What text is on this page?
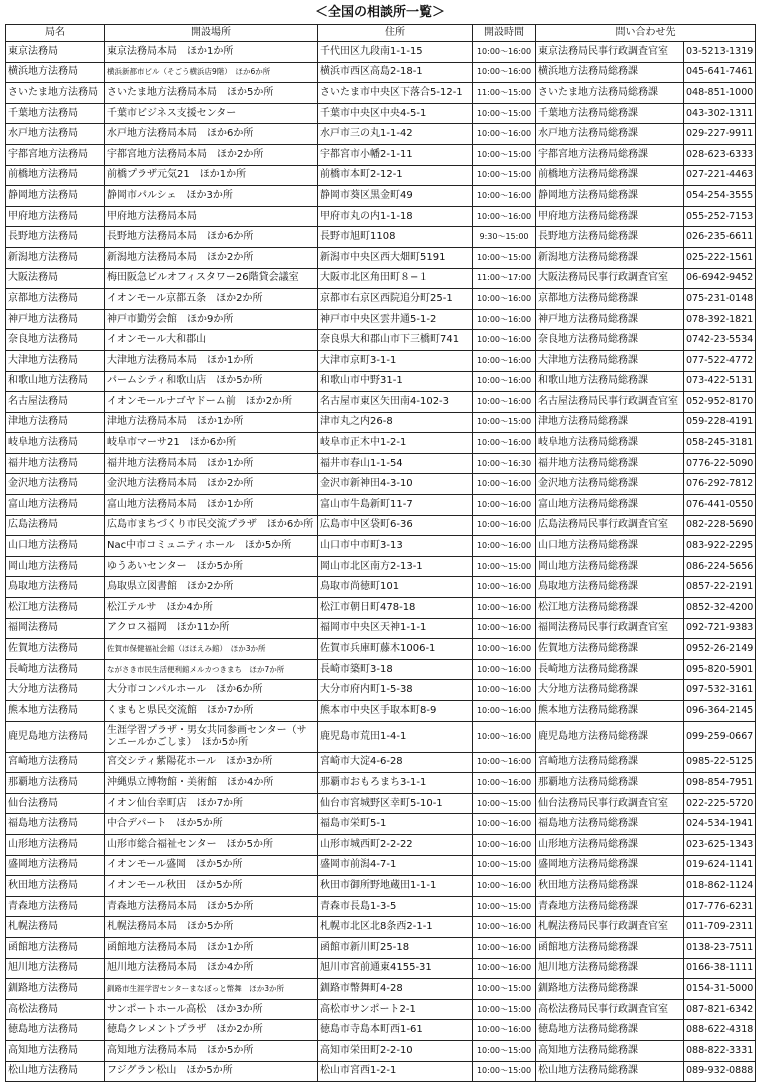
＜全国の相談所一覧＞
局名	開設場所	住所	開設時間	問い合わせ先	
東京法務局	東京法務局本局　ほか1か所	千代田区九段南1-1-15	10:00～16:00	東京法務局民事行政調査官室	03-5213-1319
横浜地方法務局	横浜新都市ビル（そごう横浜店9階）　ほか6か所	横浜市西区高島2-18-1	10:00～16:00	横浜地方法務局総務課	045-641-7461
さいたま地方法務局	さいたま地方法務局本局　ほか5か所	さいたま市中央区下落合5-12-1	11:00～15:00	さいたま地方法務局総務課	048-851-1000
千葉地方法務局	千葉市ビジネス支援センター	千葉市中央区中央4-5-1	10:00～15:00	千葉地方法務局総務課	043-302-1311
水戸地方法務局	水戸地方法務局本局　ほか6か所	水戸市三の丸1-1-42	10:00～16:00	水戸地方法務局総務課	029-227-9911
宇都宮地方法務局	宇都宮地方法務局本局　ほか2か所	宇都宮市小幡2-1-11	10:00～15:00	宇都宮地方法務局総務課	028-623-6333
前橋地方法務局	前橋プラザ元気21　ほか1か所	前橋市本町2-12-1	10:00～15:00	前橋地方法務局総務課	027-221-4463
静岡地方法務局	静岡市パルシェ　ほか3か所	静岡市葵区黒金町49	10:00～16:00	静岡地方法務局総務課	054-254-3555
甲府地方法務局	甲府地方法務局本局	甲府市丸の内1-1-18	10:00～16:00	甲府地方法務局総務課	055-252-7153
長野地方法務局	長野地方法務局本局　ほか6か所	長野市旭町1108	9:30～15:00	長野地方法務局総務課	026-235-6611
新潟地方法務局	新潟地方法務局本局　ほか2か所	新潟市中央区西大畑町5191	10:00～15:00	新潟地方法務局総務課	025-222-1561
大阪法務局	梅田阪急ビルオフィスタワー26階貸会議室	大阪市北区角田町８−１	11:00～17:00	大阪法務局民事行政調査官室	06-6942-9452
京都地方法務局	イオンモール京都五条　ほか2か所	京都市右京区西院追分町25-1	10:00～16:00	京都地方法務局総務課	075-231-0148
神戸地方法務局	神戸市勤労会館　ほか9か所	神戸市中央区雲井通5-1-2	10:00～16:00	神戸地方法務局総務課	078-392-1821
奈良地方法務局	イオンモール大和郡山	奈良県大和郡山市下三橋町741	10:00～16:00	奈良地方法務局総務課	0742-23-5534
大津地方法務局	大津地方法務局本局　ほか1か所	大津市京町3-1-1	10:00～16:00	大津地方法務局総務課	077-522-4772
和歌山地方法務局	パームシティ和歌山店　ほか5か所	和歌山市中野31-1	10:00～16:00	和歌山地方法務局総務課	073-422-5131
名古屋法務局	イオンモールナゴヤドーム前　ほか2か所	名古屋市東区矢田南4-102-3	10:00～16:00	名古屋法務局民事行政調査官室	052-952-8170
津地方法務局	津地方法務局本局　ほか1か所	津市丸之内26-8	10:00～15:00	津地方法務局総務課	059-228-4191
岐阜地方法務局	岐阜市マーサ21　ほか6か所	岐阜市正木中1-2-1	10:00～16:00	岐阜地方法務局総務課	058-245-3181
福井地方法務局	福井地方法務局本局　ほか1か所	福井市春山1-1-54	10:00～16:30	福井地方法務局総務課	0776-22-5090
金沢地方法務局	金沢地方法務局本局　ほか2か所	金沢市新神田4-3-10	10:00～16:00	金沢地方法務局総務課	076-292-7812
富山地方法務局	富山地方法務局本局　ほか1か所	富山市牛島新町11-7	10:00～16:00	富山地方法務局総務課	076-441-0550
広島法務局	広島市まちづくり市民交流プラザ　ほか6か所	広島市中区袋町6-36	10:00～16:00	広島法務局民事行政調査官室	082-228-5690
山口地方法務局	Nac中市コミュニティホール　ほか5か所	山口市中市町3-13	10:00～16:00	山口地方法務局総務課	083-922-2295
岡山地方法務局	ゆうあいセンター　ほか5か所	岡山市北区南方2-13-1	10:00～15:00	岡山地方法務局総務課	086-224-5656
鳥取地方法務局	鳥取県立図書館　ほか2か所	鳥取市尚徳町101	10:00～16:00	鳥取地方法務局総務課	0857-22-2191
松江地方法務局	松江テルサ　ほか4か所	松江市朝日町478-18	10:00～16:00	松江地方法務局総務課	0852-32-4200
福岡法務局	アクロス福岡　ほか11か所	福岡市中央区天神1-1-1	10:00～16:00	福岡法務局民事行政調査官室	092-721-9383
佐賀地方法務局	佐賀市保健福祉会館（ほほえみ館）　ほか3か所	佐賀市兵庫町藤木1006-1	10:00～16:00	佐賀地方法務局総務課	0952-26-2149
長崎地方法務局	ながさき市民生活便利館メルカつきまち　ほか7か所	長崎市築町3-18	10:00～16:00	長崎地方法務局総務課	095-820-5901
大分地方法務局	大分市コンパルホール　ほか6か所	大分市府内町1-5-38	10:00～16:00	大分地方法務局総務課	097-532-3161
熊本地方法務局	くまもと県民交流館　ほか7か所	熊本市中央区手取本町8-9	10:00～16:00	熊本地方法務局総務課	096-364-2145
鹿児島地方法務局	生涯学習プラザ・男女共同参画センター（サンエールかごしま）　ほか5か所	鹿児島市荒田1-4-1	10:00～16:00	鹿児島地方法務局総務課	099-259-0667
宮崎地方法務局	宮交シティ紫陽花ホール　ほか3か所	宮崎市大淀4-6-28	10:00～16:00	宮崎地方法務局総務課	0985-22-5125
那覇地方法務局	沖縄県立博物館・美術館　ほか4か所	那覇市おもろまち3-1-1	10:00～16:00	那覇地方法務局総務課	098-854-7951
仙台法務局	イオン仙台幸町店　ほか7か所	仙台市宮城野区幸町5-10-1	10:00～15:00	仙台法務局民事行政調査官室	022-225-5720
福島地方法務局	中合デパート　ほか5か所	福島市栄町5-1	10:00～16:00	福島地方法務局総務課	024-534-1941
山形地方法務局	山形市総合福祉センター　ほか5か所	山形市城西町2-2-22	10:00～16:00	山形地方法務局総務課	023-625-1343
盛岡地方法務局	イオンモール盛岡　ほか5か所	盛岡市前潟4-7-1	10:00～15:00	盛岡地方法務局総務課	019-624-1141
秋田地方法務局	イオンモール秋田　ほか5か所	秋田市御所野地蔵田1-1-1	10:00～16:00	秋田地方法務局総務課	018-862-1124
青森地方法務局	青森地方法務局本局　ほか5か所	青森市長島1-3-5	10:00～15:00	青森地方法務局総務課	017-776-6231
札幌法務局	札幌法務局本局　ほか5か所	札幌市北区北8条西2-1-1	10:00～16:00	札幌法務局民事行政調査官室	011-709-2311
函館地方法務局	函館地方法務局本局　ほか1か所	函館市新川町25-18	10:00～16:00	函館地方法務局総務課	0138-23-7511
旭川地方法務局	旭川地方法務局本局　ほか4か所	旭川市宮前通東4155-31	10:00～16:00	旭川地方法務局総務課	0166-38-1111
釧路地方法務局	釧路市生涯学習センターまなぼっと幣舞　ほか3か所	釧路市幣舞町4-28	10:00～15:00	釧路地方法務局総務課	0154-31-5000
高松法務局	サンポートホール高松　ほか3か所	高松市サンポート2-1	10:00～15:00	高松法務局民事行政調査官室	087-821-6342
徳島地方法務局	徳島クレメントプラザ　ほか2か所	徳島市寺島本町西1-61	10:00～16:00	徳島地方法務局総務課	088-622-4318
高知地方法務局	高知地方法務局本局　ほか5か所	高知市栄田町2-2-10	10:00～15:00	高知地方法務局総務課	088-822-3331
松山地方法務局	フジグラン松山　ほか5か所	松山市宮西1-2-1	10:00～15:00	松山地方法務局総務課	089-932-0888
